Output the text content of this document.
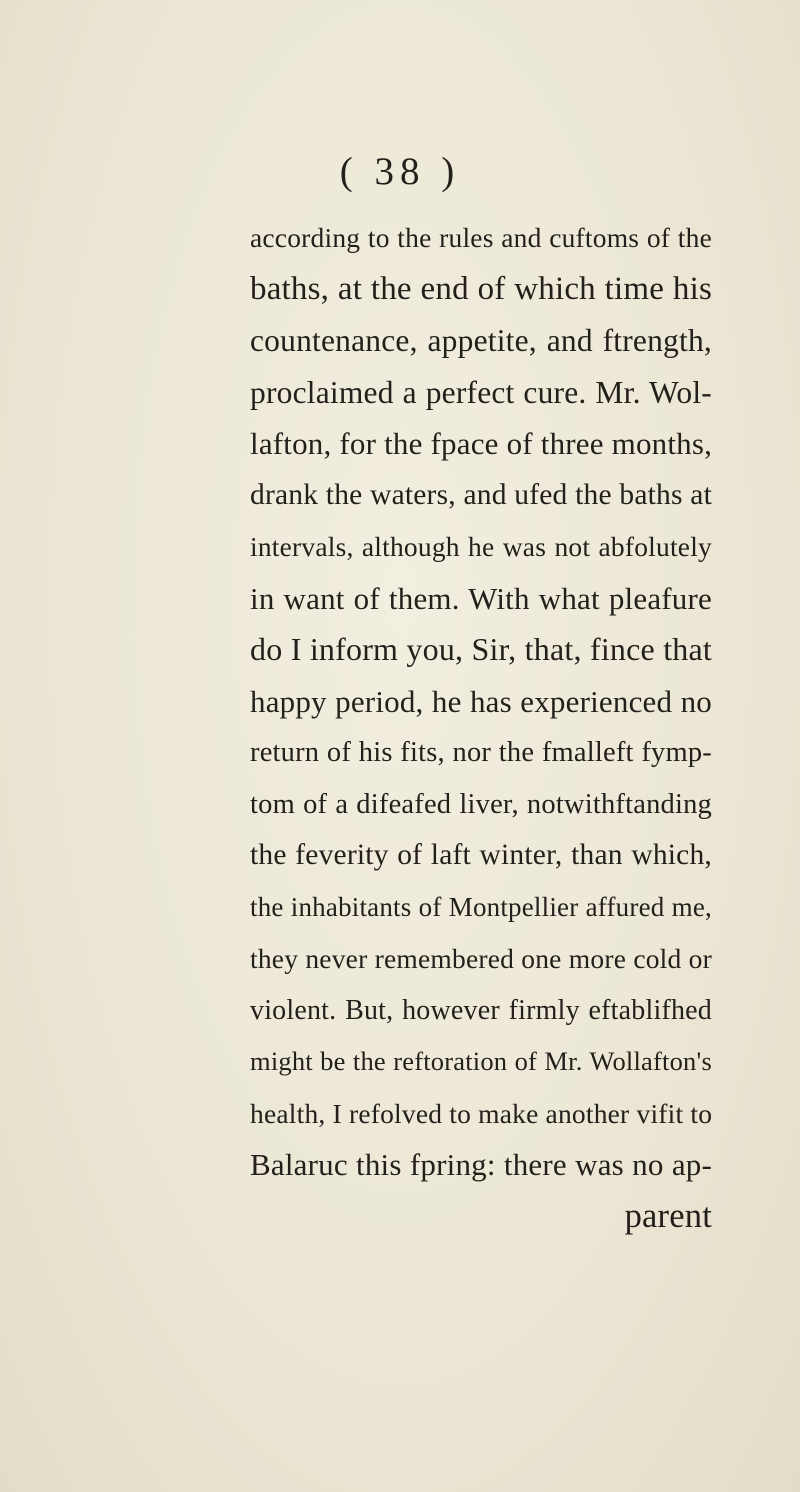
( 38 )
according to the rules and cuftoms of the
baths, at the end of which time his
countenance, appetite, and ftrength,
proclaimed a perfect cure. Mr. Wol-
lafton, for the fpace of three months,
drank the waters, and ufed the baths at
intervals, although he was not abfolutely
in want of them. With what pleafure
do I inform you, Sir, that, fince that
happy period, he has experienced no
return of his fits, nor the fmalleft fymp-
tom of a difeafed liver, notwithftanding
the feverity of laft winter, than which,
the inhabitants of Montpellier affured me,
they never remembered one more cold or
violent. But, however firmly eftablifhed
might be the reftoration of Mr. Wollafton's
health, I refolved to make another vifit to
Balaruc this fpring: there was no ap-
parent
